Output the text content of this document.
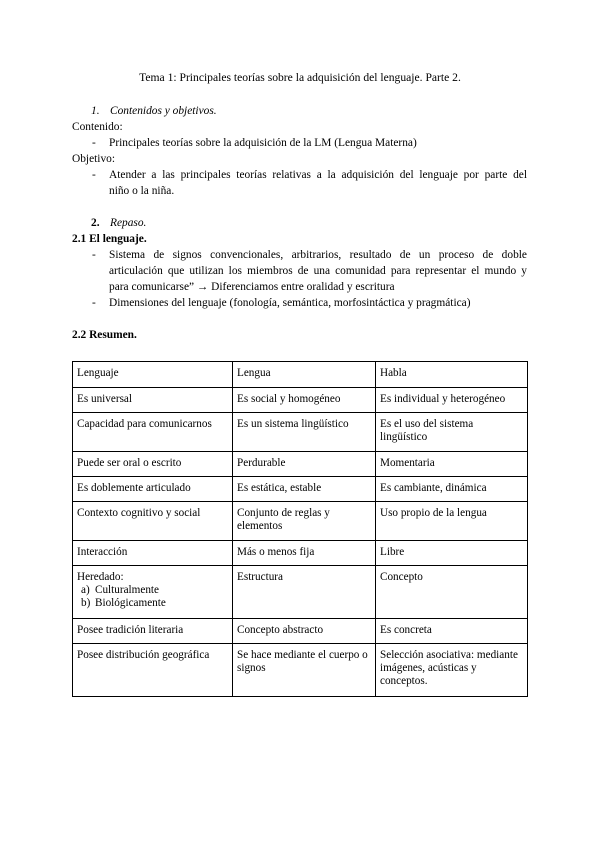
Tema 1: Principales teorías sobre la adquisición del lenguaje. Parte 2.
1. Contenidos y objetivos.
Contenido:
- Principales teorías sobre la adquisición de la LM (Lengua Materna)
Objetivo:
- Atender a las principales teorías relativas a la adquisición del lenguaje por parte del
niño o la niña.
2. Repaso.
2.1 El lenguaje.
- Sistema de signos convencionales, arbitrarios, resultado de un proceso de doble
articulación que utilizan los miembros de una comunidad para representar el mundo y
para comunicarse” → Diferenciamos entre oralidad y escritura
- Dimensiones del lenguaje (fonología, semántica, morfosintáctica y pragmática)
2.2 Resumen.
Lenguaje	Lengua	Habla
Es universal	Es social y homogéneo	Es individual y heterogéneo
Capacidad para comunicarnos	Es un sistema lingüístico	Es el uso del sistema lingüístico
Puede ser oral o escrito	Perdurable	Momentaria
Es doblemente articulado	Es estática, estable	Es cambiante, dinámica
Contexto cognitivo y social	Conjunto de reglas y elementos	Uso propio de la lengua
Interacción	Más o menos fija	Libre

Heredado:
a) Culturalmente
b) Biológicamente	Estructura	Concepto
Posee tradición literaria	Concepto abstracto	Es concreta
Posee distribución geográfica	Se hace mediante el cuerpo o signos	Selección asociativa: mediante imágenes, acústicas y conceptos.
